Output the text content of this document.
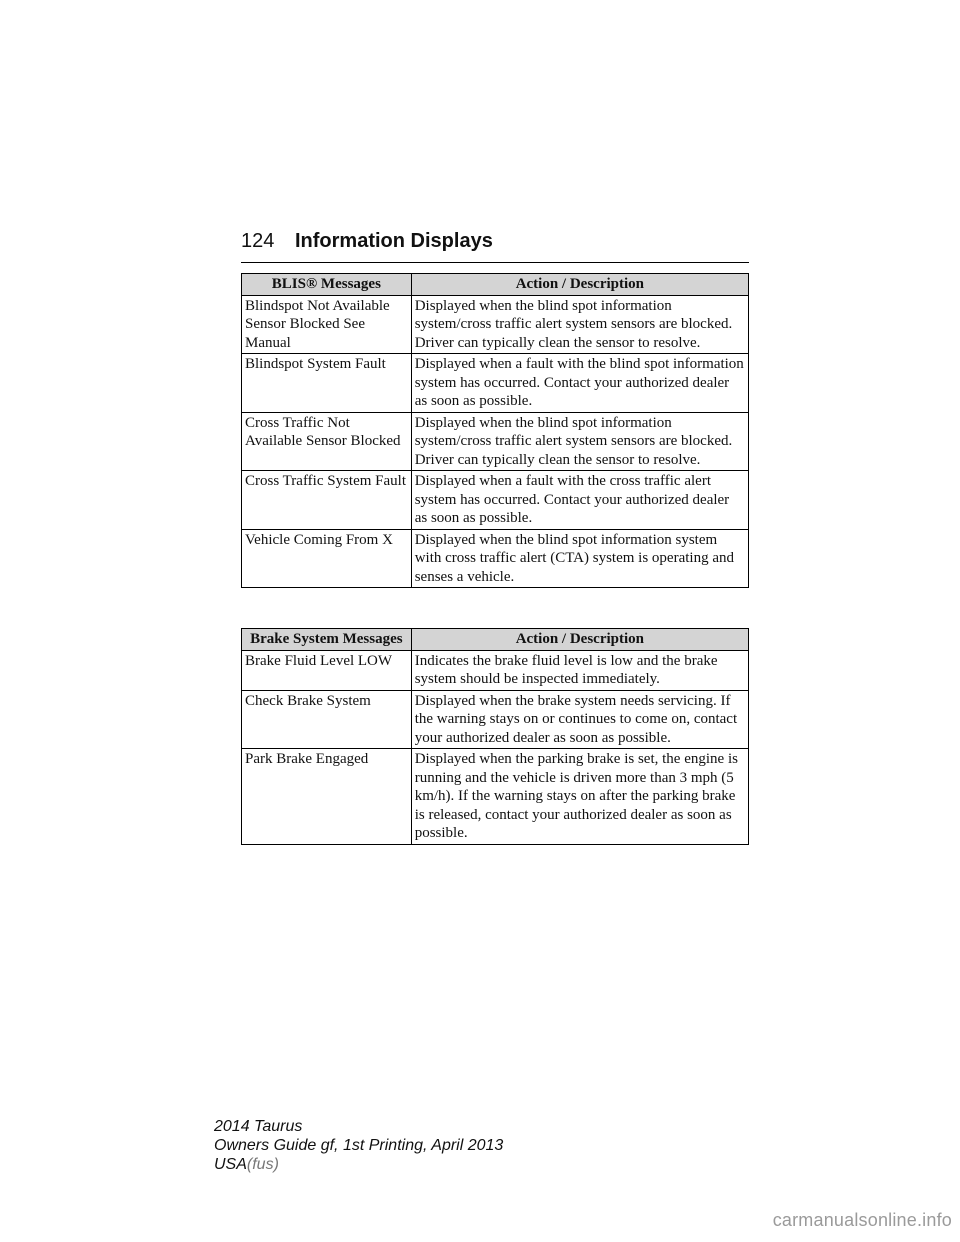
124 Information Displays
BLIS® Messages	Action / Description
Blindspot Not Available Sensor Blocked See Manual	Displayed when the blind spot information system/cross traffic alert system sensors are blocked. Driver can typically clean the sensor to resolve.
Blindspot System Fault	Displayed when a fault with the blind spot information system has occurred. Contact your authorized dealer as soon as possible.
Cross Traffic Not Available Sensor Blocked	Displayed when the blind spot information system/cross traffic alert system sensors are blocked. Driver can typically clean the sensor to resolve.
Cross Traffic System Fault	Displayed when a fault with the cross traffic alert system has occurred. Contact your authorized dealer as soon as possible.
Vehicle Coming From X	Displayed when the blind spot information system with cross traffic alert (CTA) system is operating and senses a vehicle.
Brake System Messages	Action / Description
Brake Fluid Level LOW	Indicates the brake fluid level is low and the brake system should be inspected immediately.
Check Brake System	Displayed when the brake system needs servicing. If the warning stays on or continues to come on, contact your authorized dealer as soon as possible.
Park Brake Engaged	Displayed when the parking brake is set, the engine is running and the vehicle is driven more than 3 mph (5 km/h). If the warning stays on after the parking brake is released, contact your authorized dealer as soon as possible.
2014 Taurus
Owners Guide gf, 1st Printing, April 2013
USA(fus)
carmanualsonline.info
